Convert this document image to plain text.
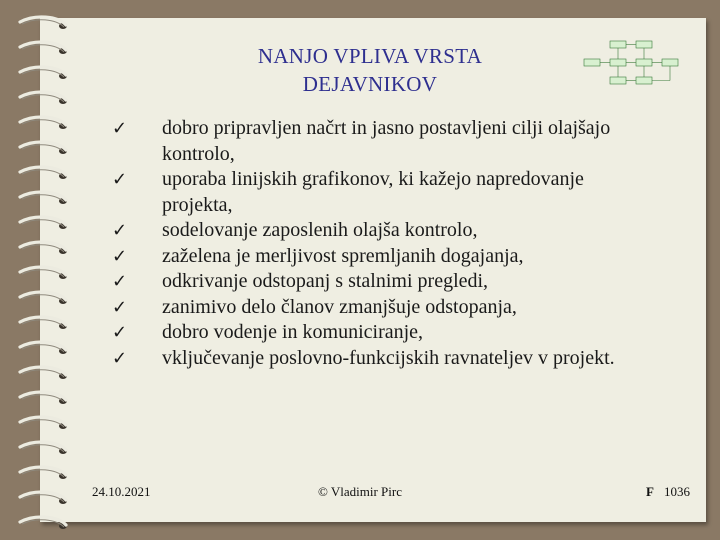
NANJO VPLIVA VRSTA
DEJAVNIKOV
✓ dobro pripravljen načrt in jasno postavljeni cilji olajšajo kontrolo,
✓ uporaba linijskih grafikonov, ki kažejo napredovanje projekta,
✓ sodelovanje zaposlenih olajša kontrolo,
✓ zaželena je merljivost spremljanih dogajanja,
✓ odkrivanje odstopanj s stalnimi pregledi,
✓ zanimivo delo članov zmanjšuje odstopanja,
✓ dobro vodenje in komuniciranje,
✓ vključevanje poslovno-funkcijskih ravnateljev v projekt.
24.10.2021	© Vladimir Pirc	F 1036
